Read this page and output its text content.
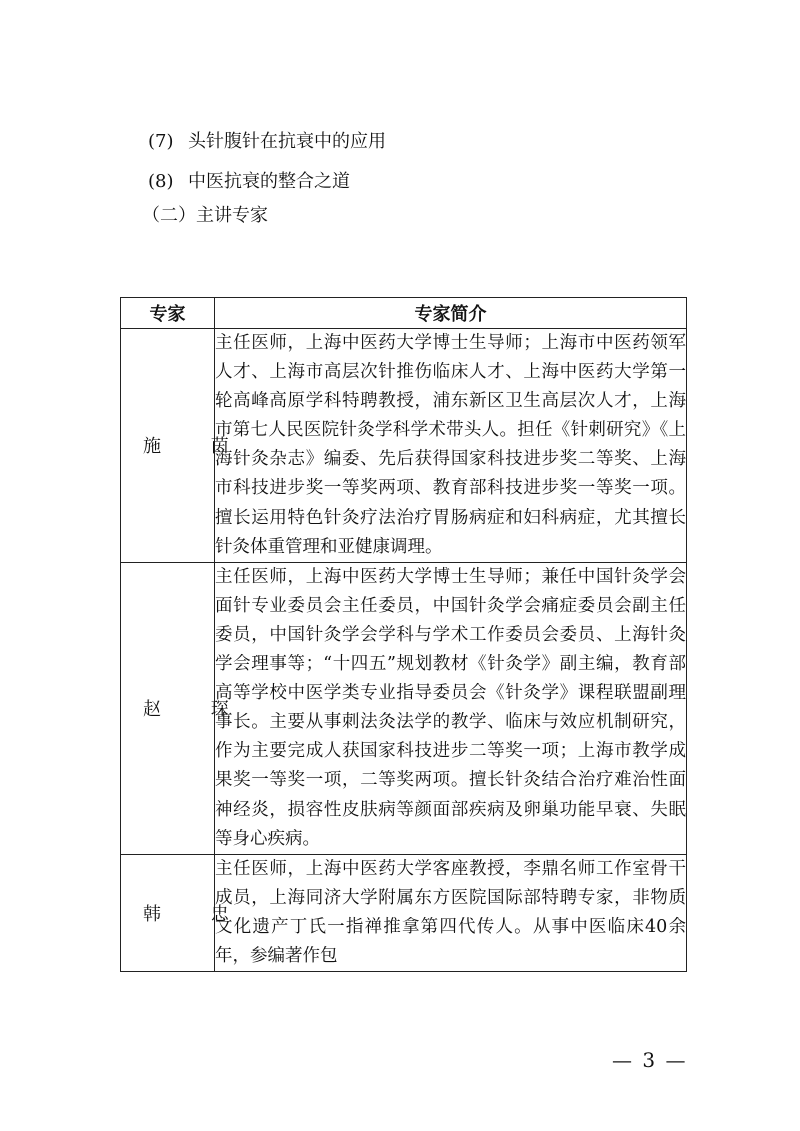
(7) 头针腹针在抗衰中的应用
(8) 中医抗衰的整合之道
（二）主讲专家
专家	专家简介
施 茵	主任医师，上海中医药大学博士生导师；上海市中医药领军人才、上海市高层次针推伤临床人才、上海中医药大学第一轮高峰高原学科特聘教授，浦东新区卫生高层次人才，上海市第七人民医院针灸学科学术带头人。担任《针刺研究》《上海针灸杂志》编委、先后获得国家科技进步奖二等奖、上海市科技进步奖一等奖两项、教育部科技进步奖一等奖一项。擅长运用特色针灸疗法治疗胃肠病症和妇科病症，尤其擅长针灸体重管理和亚健康调理。
赵 琛	主任医师，上海中医药大学博士生导师；兼任中国针灸学会面针专业委员会主任委员，中国针灸学会痛症委员会副主任委员，中国针灸学会学科与学术工作委员会委员、上海针灸学会理事等；“十四五”规划教材《针灸学》副主编，教育部高等学校中医学类专业指导委员会《针灸学》课程联盟副理事长。主要从事刺法灸法学的教学、临床与效应机制研究，作为主要完成人获国家科技进步二等奖一项；上海市教学成果奖一等奖一项，二等奖两项。擅长针灸结合治疗难治性面神经炎，损容性皮肤病等颜面部疾病及卵巢功能早衰、失眠等身心疾病。
韩 忠	主任医师，上海中医药大学客座教授，李鼎名师工作室骨干成员，上海同济大学附属东方医院国际部特聘专家，非物质文化遗产丁氏一指禅推拿第四代传人。从事中医临床40余年，参编著作包
— 3 —
